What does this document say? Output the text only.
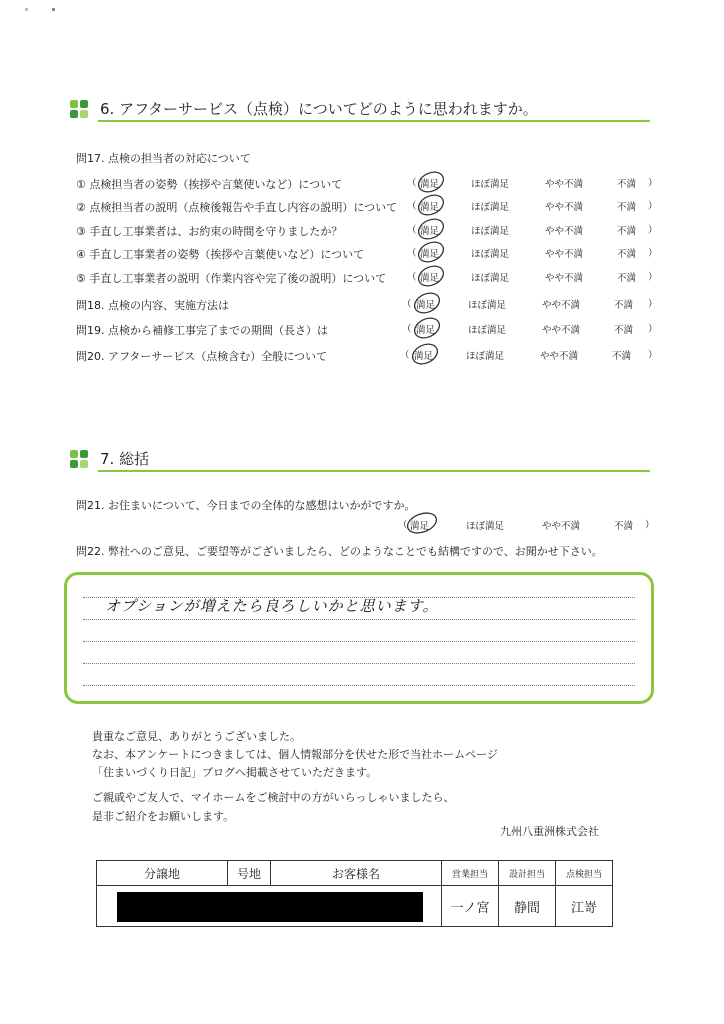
6. アフターサービス（点検）についてどのように思われますか。
問17. 点検の担当者の対応について
① 点検担当者の姿勢（挨拶や言葉使いなど）について	（ 満足	ほぼ満足	やや不満	不満 ）
② 点検担当者の説明（点検後報告や手直し内容の説明）について （ 満足	ほぼ満足	やや不満	不満 ）
③ 手直し工事業者は、お約束の時間を守りましたか？	（ 満足	ほぼ満足	やや不満	不満 ）
④ 手直し工事業者の姿勢（挨拶や言葉使いなど）について	（ 満足	ほぼ満足	やや不満	不満 ）
⑤ 手直し工事業者の説明（作業内容や完了後の説明）について （ 満足	ほぼ満足	やや不満	不満 ）
問18. 点検の内容、実施方法は	（ 満足	ほぼ満足	やや不満	不満 ）
問19. 点検から補修工事完了までの期間（長さ）は	（ 満足	ほぼ満足	やや不満	不満 ）
問20. アフターサービス（点検含む）全般について	（ 満足	ほぼ満足	やや不満	不満 ）
7. 総括
問21. お住まいについて、今日までの全体的な感想はいかがですか。
（ 満足	ほぼ満足	やや不満	不満 ）
問22. 弊社へのご意見、ご要望等がございましたら、どのようなことでも結構ですので、お聞かせ下さい。
オプションが増えたら良ろしいかと思います。
貴重なご意見、ありがとうございました。
なお、本アンケートにつきましては、個人情報部分を伏せた形で当社ホームページ
「住まいづくり日記」ブログへ掲載させていただきます。
ご親戚やご友人で、マイホームをご検討中の方がいらっしゃいましたら、
是非ご紹介をお願いします。
九州八重洲株式会社
分譲地	号地	お客様名	営業担当	設計担当	点検担当

			一ノ宮	静間	江嵜
